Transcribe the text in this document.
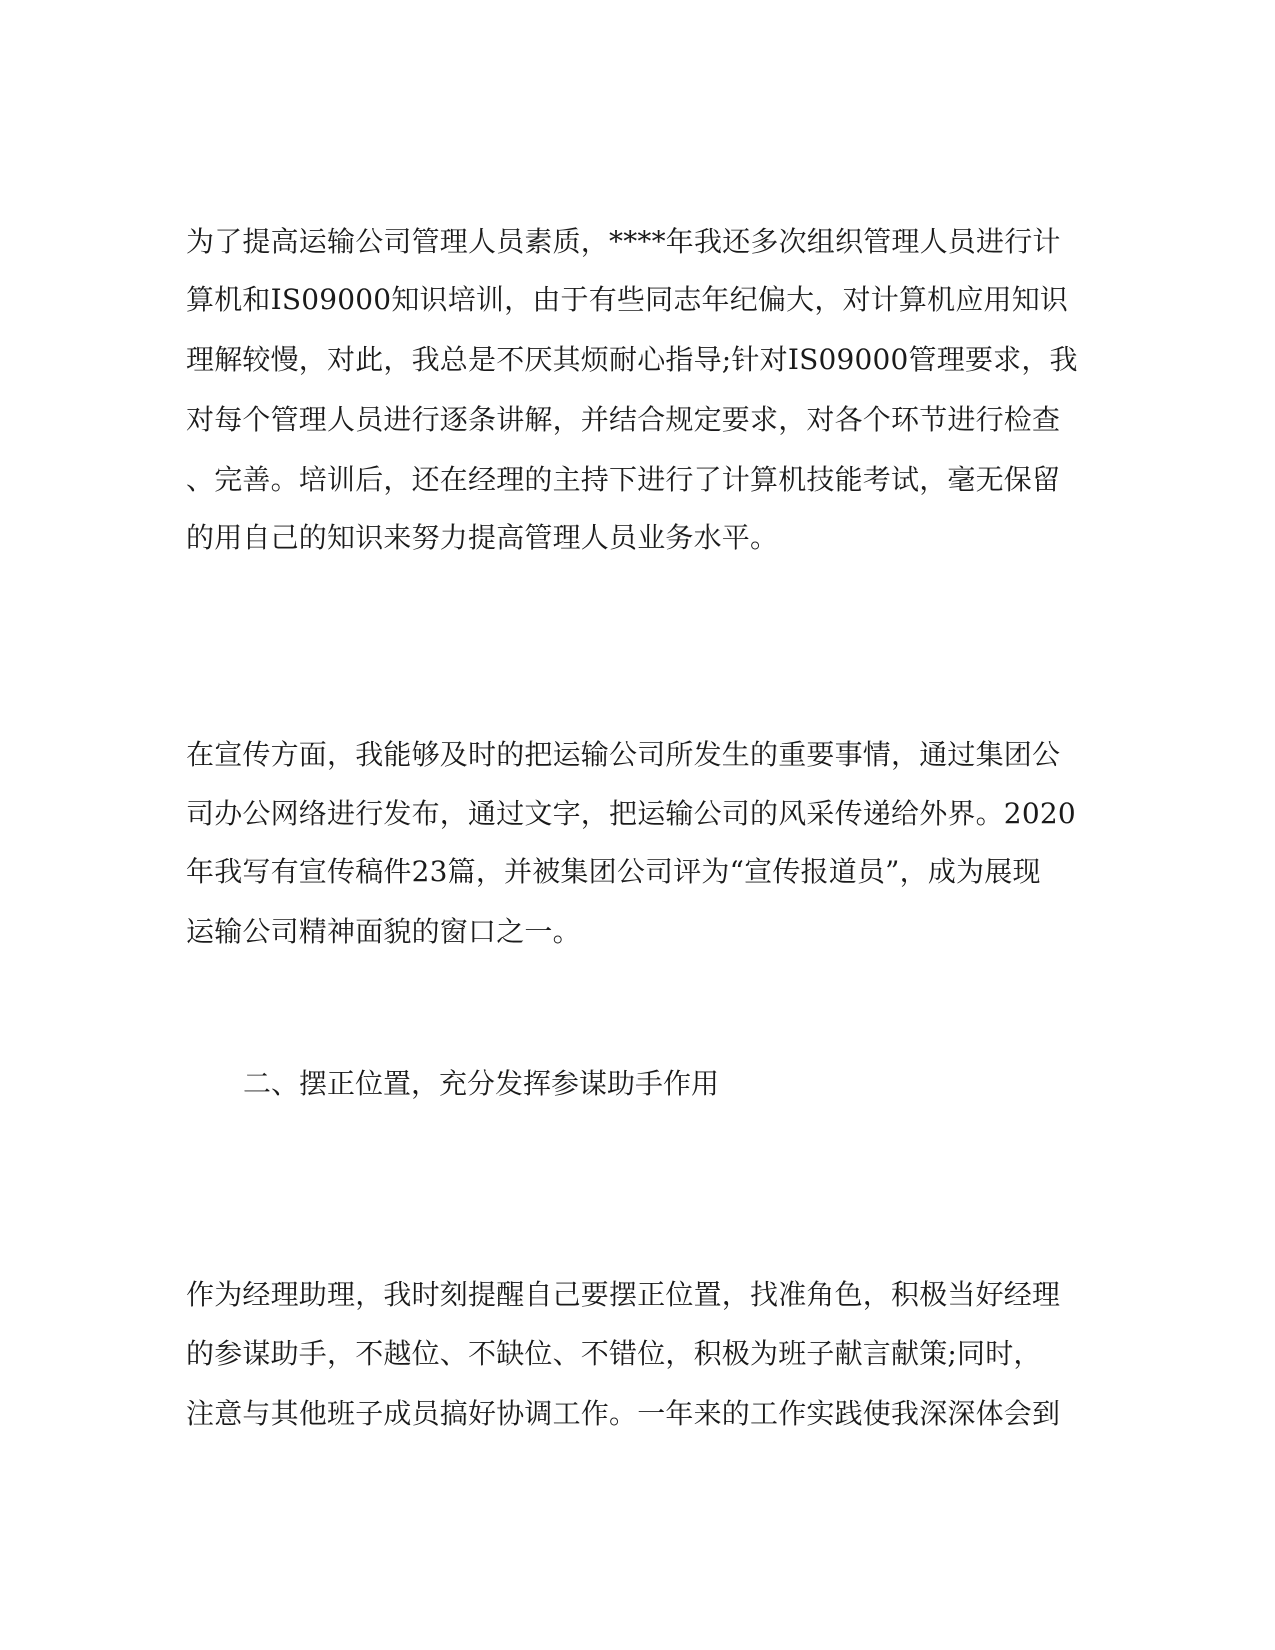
为了提高运输公司管理人员素质，****年我还多次组织管理人员进行计
算机和IS09000知识培训，由于有些同志年纪偏大，对计算机应用知识
理解较慢，对此，我总是不厌其烦耐心指导;针对IS09000管理要求，我
对每个管理人员进行逐条讲解，并结合规定要求，对各个环节进行检查
、完善。培训后，还在经理的主持下进行了计算机技能考试，毫无保留
的用自己的知识来努力提高管理人员业务水平。
在宣传方面，我能够及时的把运输公司所发生的重要事情，通过集团公
司办公网络进行发布，通过文字，把运输公司的风采传递给外界。2020
年我写有宣传稿件23篇，并被集团公司评为“宣传报道员”，成为展现
运输公司精神面貌的窗口之一。
二、摆正位置，充分发挥参谋助手作用
作为经理助理，我时刻提醒自己要摆正位置，找准角色，积极当好经理
的参谋助手，不越位、不缺位、不错位，积极为班子献言献策;同时，
注意与其他班子成员搞好协调工作。一年来的工作实践使我深深体会到
